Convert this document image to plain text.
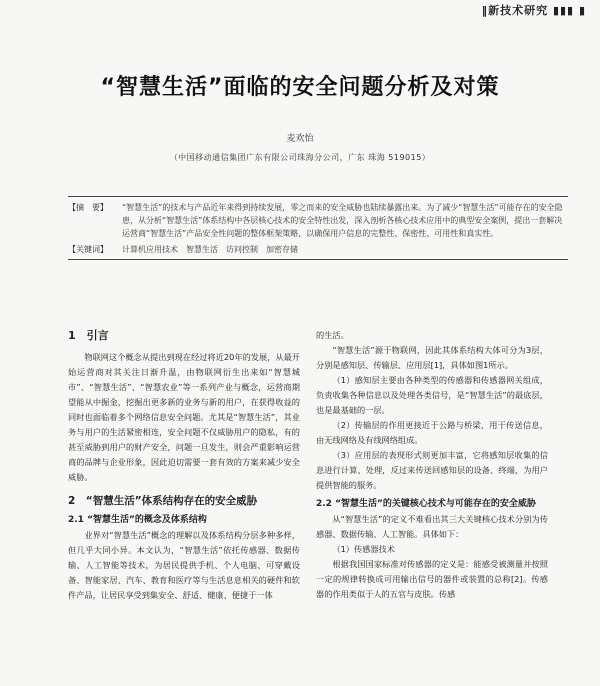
‖新技术研究 ▮▮▮ ▮
“智慧生活”面临的安全问题分析及对策
麦欢怡
（中国移动通信集团广东有限公司珠海分公司，广东 珠海 519015）
【摘　要】	“智慧生活”的技术与产品近年来得到持续发展，零之而来的安全威胁也陆续暴露出来。为了减少“智慧生活”可能存在的安全隐患，从分析“智慧生活”体系结构中各层核心技术的安全特性出发，深入剖析各核心技术应用中的典型安全案例，提出一套解决运营商“智慧生活”产品安全性问题的整体框架策略，以确保用户信息的完整性、保密性、可用性和真实性。
【关键词】	计算机应用技术　智慧生活　访问控制　加密存储
1　引言

物联网这个概念从提出到现在经过将近20年的发展，从最开始运营商对其关注日渐升温，由物联网衍生出来如“智慧城市”、“智慧生活”、“智慧农业”等一系列产业与概念，运营商期望能从中掘金，挖掘出更多新的业务与新的用户，在获得收益的同时也面临着多个网络信息安全问题。尤其是“智慧生活”，其业务与用户的生活紧密相连，安全问题不仅威胁用户的隐私，有的甚至威胁到用户的财产安全，问题一旦发生，则会严重影响运营商的品牌与企业形象，因此迫切需要一套有效的方案来减少安全威胁。

2　“智慧生活”体系结构存在的安全威胁
2.1 “智慧生活”的概念及体系结构

业界对“智慧生活”概念的理解以及体系结构分层多种多样，但几乎大同小异。本文认为，“智慧生活”依托传感器、数据传输、人工智能等技术，为居民提供手机、个人电脑、可穿戴设备、智能家居、汽车、教育和医疗等与生活息息相关的硬件和软件产品，让居民享受到集安全、舒适、健康、便捷于一体

的生活。

“智慧生活”源于物联网，因此其体系结构大体可分为3层，分别是感知层、传输层、应用层[1]，具体如图1所示。

（1）感知层主要由各种类型的传感器和传感器网关组成，负责收集各种信息以及处理各类信号，是“智慧生活”的最底层，也是最基础的一层。

（2）传输层的作用更接近于公路与桥梁，用于传送信息，由无线网络及有线网络组成。

（3）应用层的表现形式则更加丰富，它将感知层收集的信息进行计算、处理，反过来传送回感知层的设备、终端，为用户提供智能的服务。

2.2 “智慧生活”的关键核心技术与可能存在的安全威胁

从“智慧生活”的定义不难看出其三大关键核心技术分别为传感器、数据传输、人工智能。具体如下：

（1）传感器技术

根据我国国家标准对传感器的定义是：能感受被测量并按照一定的规律转换成可用输出信号的器件或装置的总称[2]。传感器的作用类似于人的五官与皮肤。传感
